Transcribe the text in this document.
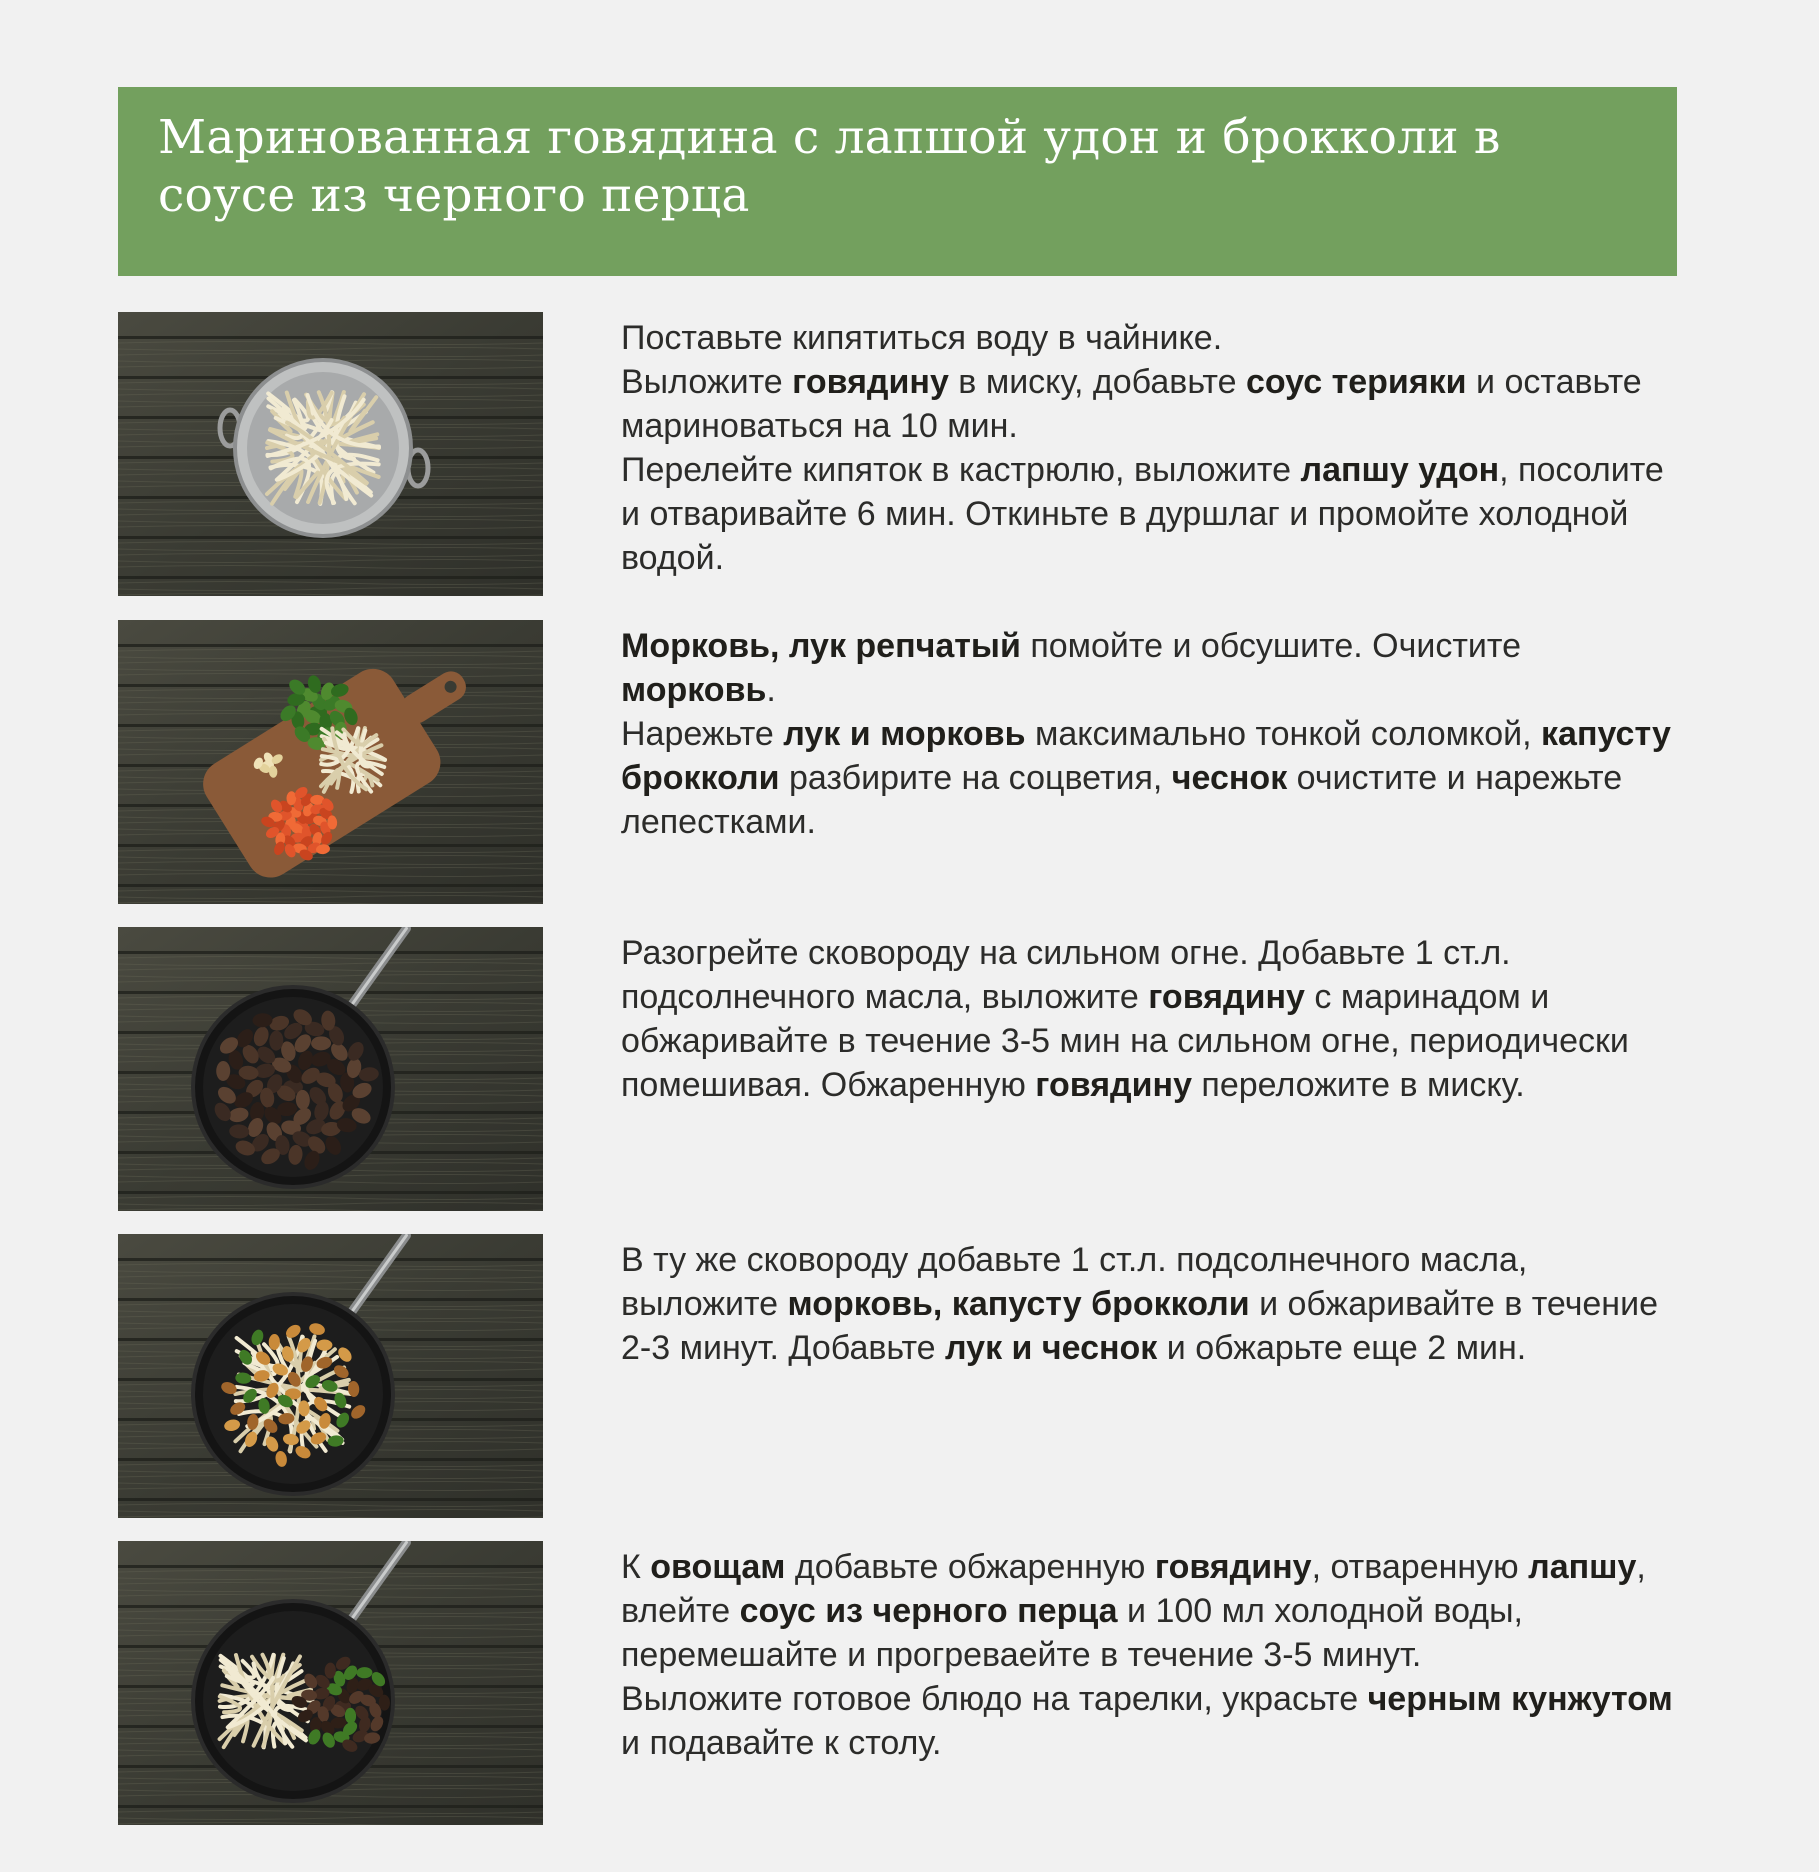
Маринованная говядина с лапшой удон и брокколи в соусе из черного перца

Поставьте кипятиться воду в чайнике.

Выложите говядину в миску, добавьте соус терияки и оставьте мариноваться на 10 мин.

Перелейте кипяток в кастрюлю, выложите лапшу удон, посолите и отваривайте 6 мин. Откиньте в дуршлаг и промойте холодной водой.

Морковь, лук репчатый помойте и обсушите. Очистите морковь.

Нарежьте лук и морковь максимально тонкой соломкой, капусту брокколи разбирите на соцветия, чеснок очистите и нарежьте лепестками.

Разогрейте сковороду на сильном огне. Добавьте 1 ст.л. подсолнечного масла, выложите говядину с маринадом и обжаривайте в течение 3-5 мин на сильном огне, периодически помешивая. Обжаренную говядину переложите в миску.

В ту же сковороду добавьте 1 ст.л. подсолнечного масла, выложите морковь, капусту брокколи и обжаривайте в течение 2-3 минут. Добавьте лук и чеснок и обжарьте еще 2 мин.

К овощам добавьте обжаренную говядину, отваренную лапшу, влейте соус из черного перца и 100 мл холодной воды, перемешайте и прогреваейте в течение 3-5 минут.

Выложите готовое блюдо на тарелки, украсьте черным кунжутом и подавайте к столу.
